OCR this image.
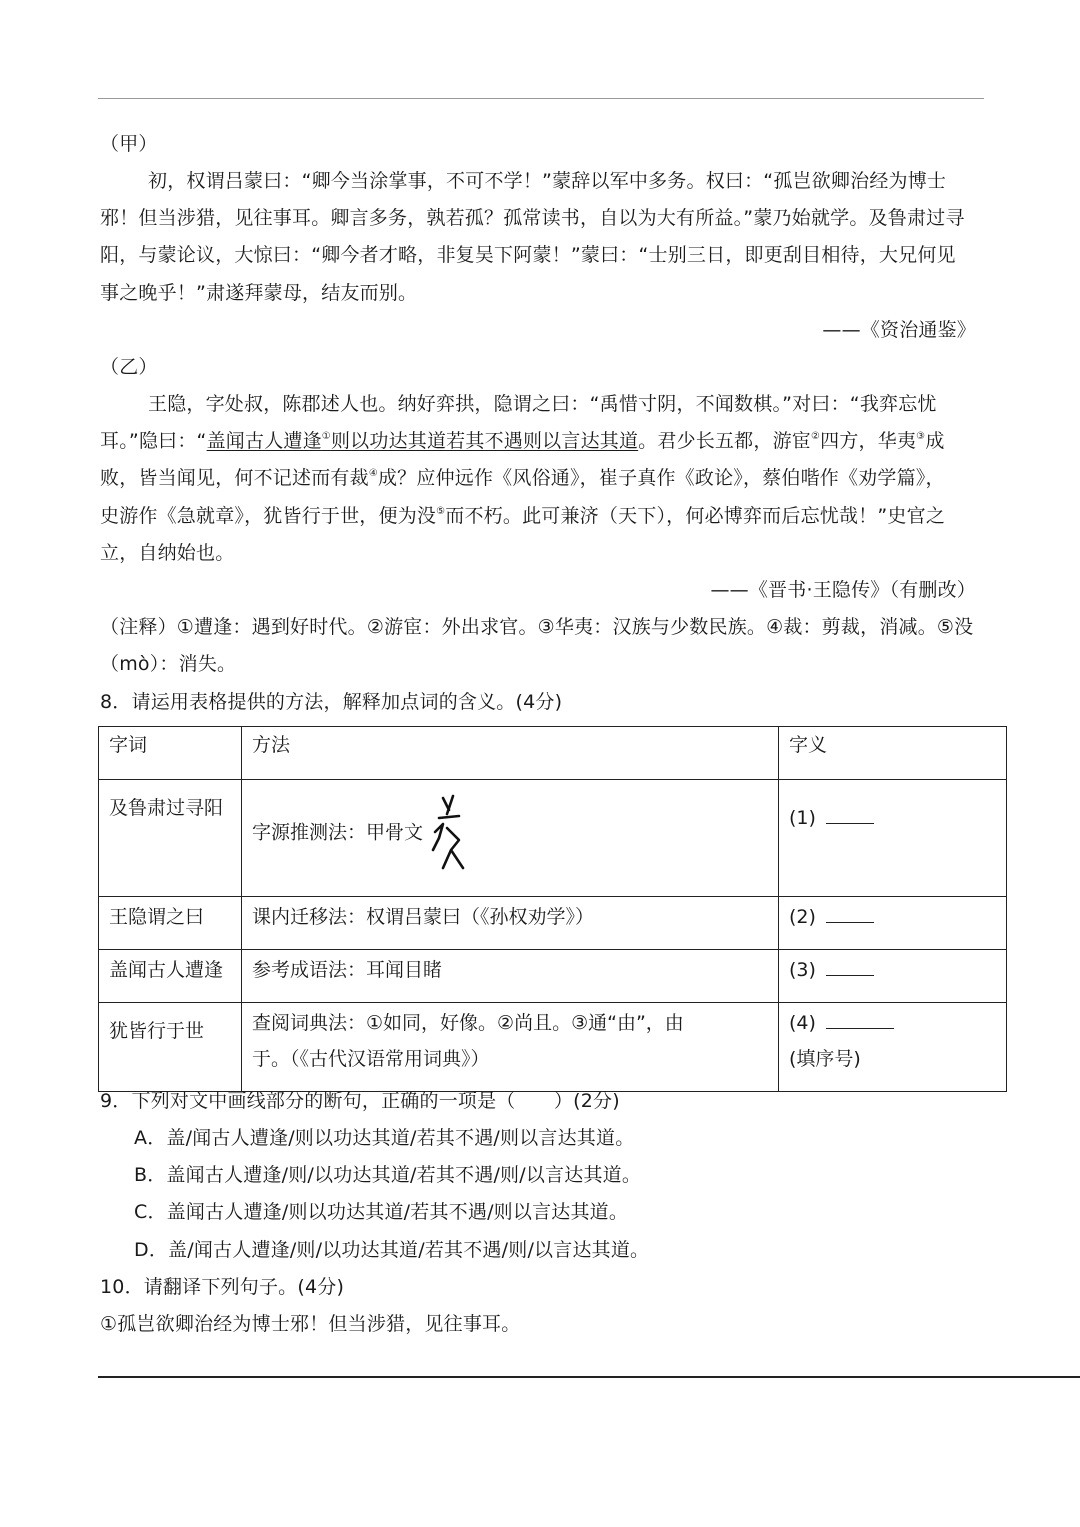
（甲）
初，权谓吕蒙曰：“卿今当涂掌事，不可不学！”蒙辞以军中多务。权曰：“孤岂欲卿治经为博士
邪！但当涉猎，见往事耳。卿言多务，孰若孤？孤常读书，自以为大有所益。”蒙乃始就学。及鲁肃过寻
阳，与蒙论议，大惊曰：“卿今者才略，非复吴下阿蒙！”蒙曰：“士别三日，即更刮目相待，大兄何见
事之晚乎！”肃遂拜蒙母，结友而别。
——《资治通鉴》
（乙）
王隐，字处叔，陈郡述人也。纳好弈拱，隐谓之曰：“禹惜寸阴，不闻数棋。”对曰：“我弈忘忧
耳。”隐曰：“盖闻古人遭逢①则以功达其道若其不遇则以言达其道。君少长五都，游宦②四方，华夷③成
败，皆当闻见，何不记述而有裁④成？应仲远作《风俗通》，崔子真作《政论》，蔡伯喈作《劝学篇》，
史游作《急就章》，犹皆行于世，便为没⑤而不朽。此可兼济（天下），何必博弈而后忘忧哉！”史官之
立，自纳始也。
——《晋书·王隐传》（有删改）
（注释）①遭逢：遇到好时代。②游宦：外出求官。③华夷：汉族与少数民族。④裁：剪裁，消减。⑤没
（mò）：消失。
8．请运用表格提供的方法，解释加点词的含义。(4分)
字词	方法	字义

及鲁肃过寻阳	字源推测法：甲骨文	(1)

王隐谓之曰	课内迁移法：权谓吕蒙曰（《孙权劝学》）	(2)

盖闻古人遭逢	参考成语法：耳闻目睹	(3)

犹皆行于世	查阅词典法：①如同，好像。②尚且。③通“由”，由
于。（《古代汉语常用词典》）	(4)
(填序号)
9．下列对文中画线部分的断句，正确的一项是（　　）(2分)
A．盖/闻古人遭逢/则以功达其道/若其不遇/则以言达其道。
B．盖闻古人遭逢/则/以功达其道/若其不遇/则/以言达其道。
C．盖闻古人遭逢/则以功达其道/若其不遇/则以言达其道。
D．盖/闻古人遭逢/则/以功达其道/若其不遇/则/以言达其道。
10．请翻译下列句子。(4分)
①孤岂欲卿治经为博士邪！但当涉猎，见往事耳。
